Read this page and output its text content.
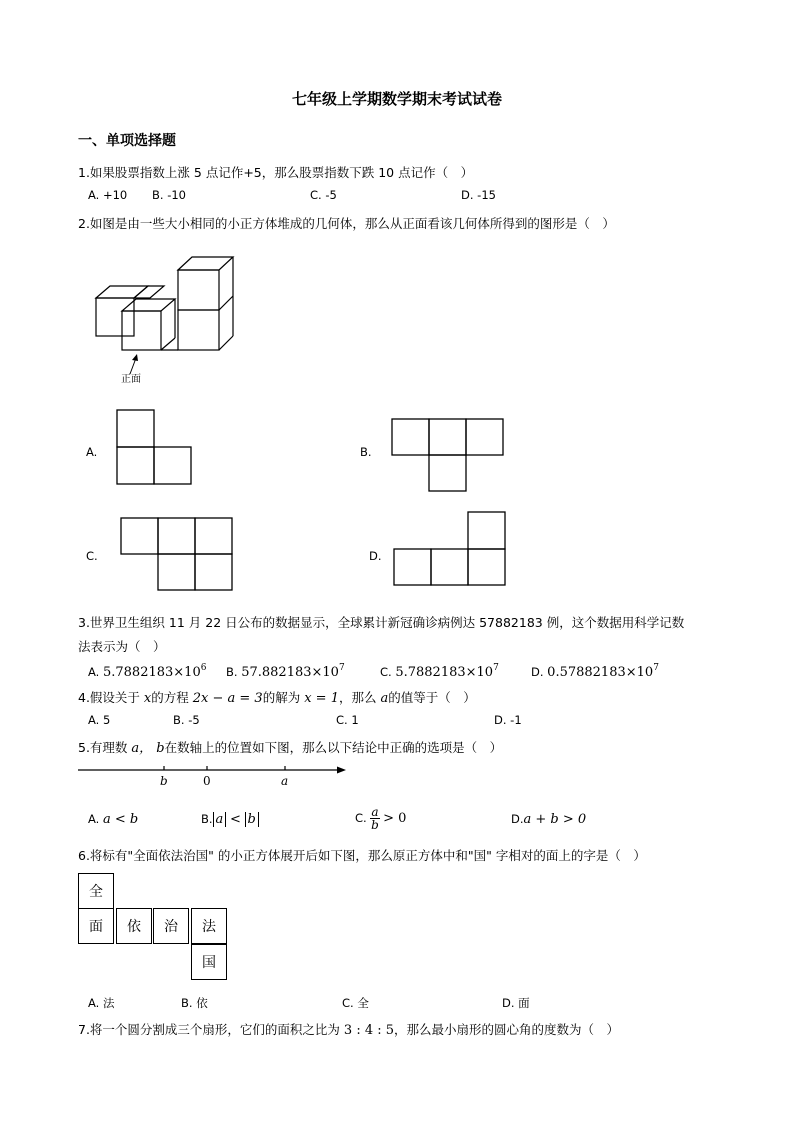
七年级上学期数学期末考试试卷
一、单项选择题
1.如果股票指数上涨 5 点记作+5，那么股票指数下跌 10 点记作（　）
A. +10 B. -10	C. -5	D. -15
2.如图是由一些大小相同的小正方体堆成的几何体，那么从正面看该几何体所得到的图形是（　）
正面
A.	B.
C.	D.
3.世界卫生组织 11 月 22 日公布的数据显示，全球累计新冠确诊病例达 57882183 例，这个数据用科学记数
法表示为（　）
A. $5.7882183\times 10^6$ B. $57.882183\times 10^7$	C. $5.7882183\times 10^7$	D. $0.57882183\times 10^7$
4.假设关于 x的方程 2x − a = 3的解为 x = 1，那么 a的值等于（　）
A. 5	B. -5	C. 1	D. -1
5.有理数 a， b在数轴上的位置如下图，那么以下结论中正确的选项是（　）
b	0	a
A. a < b	B. a < b	C. $\frac{a}{b} > 0$	D.a + b > 0
6.将标有"全面依法治国" 的小正方体展开后如下图，那么原正方体中和"国" 字相对的面上的字是（　）
全
面	依	治	法
国
A. 法	B. 依	C. 全	D. 面
7.将一个圆分割成三个扇形，它们的面积之比为 3 : 4 : 5，那么最小扇形的圆心角的度数为（　）
